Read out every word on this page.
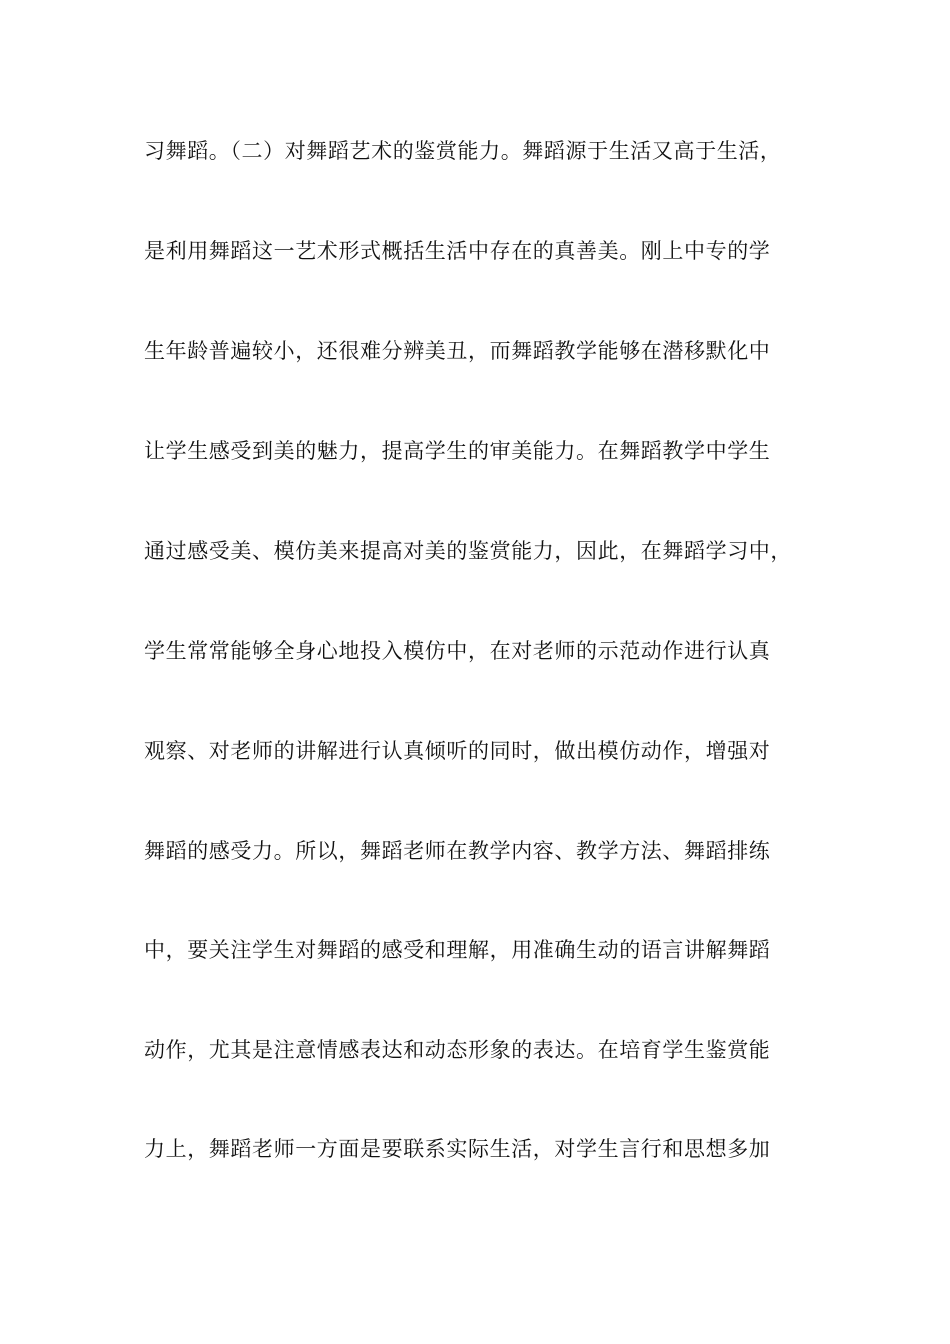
习舞蹈。（二）对舞蹈艺术的鉴赏能力。舞蹈源于生活又高于生活，
是利用舞蹈这一艺术形式概括生活中存在的真善美。刚上中专的学
生年龄普遍较小，还很难分辨美丑，而舞蹈教学能够在潜移默化中
让学生感受到美的魅力，提高学生的审美能力。在舞蹈教学中学生
通过感受美、模仿美来提高对美的鉴赏能力，因此，在舞蹈学习中，
学生常常能够全身心地投入模仿中，在对老师的示范动作进行认真
观察、对老师的讲解进行认真倾听的同时，做出模仿动作，增强对
舞蹈的感受力。所以，舞蹈老师在教学内容、教学方法、舞蹈排练
中，要关注学生对舞蹈的感受和理解，用准确生动的语言讲解舞蹈
动作，尤其是注意情感表达和动态形象的表达。在培育学生鉴赏能
力上，舞蹈老师一方面是要联系实际生活，对学生言行和思想多加
